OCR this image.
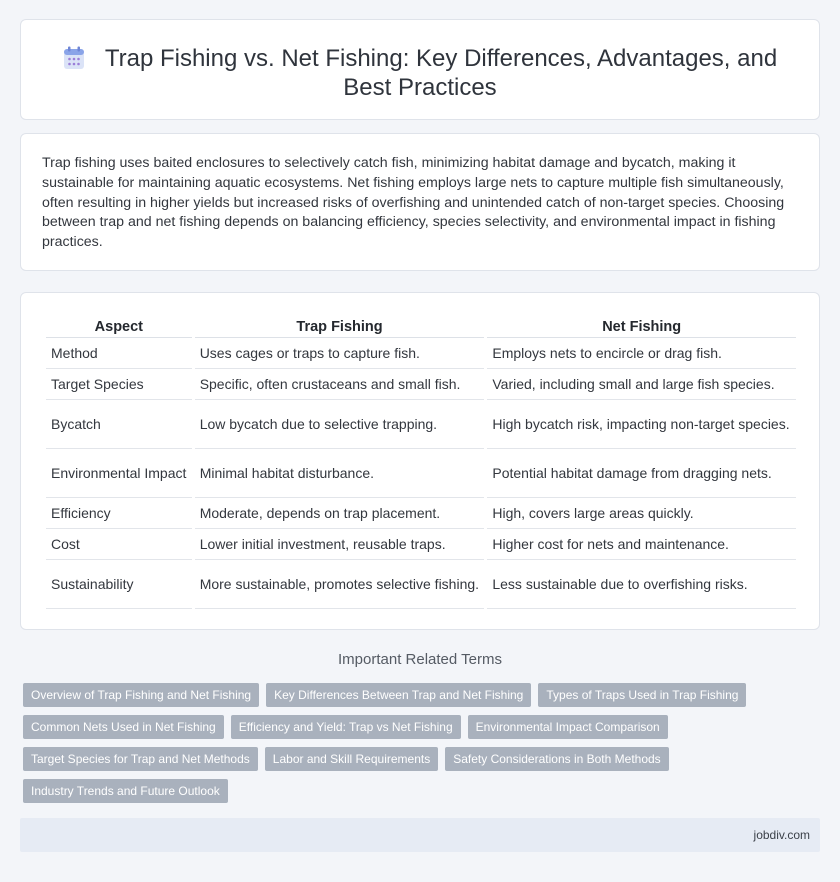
Trap Fishing vs. Net Fishing: Key Differences, Advantages, and Best Practices

Trap fishing uses baited enclosures to selectively catch fish, minimizing habitat damage and bycatch, making it sustainable for maintaining aquatic ecosystems. Net fishing employs large nets to capture multiple fish simultaneously, often resulting in higher yields but increased risks of overfishing and unintended catch of non-target species. Choosing between trap and net fishing depends on balancing efficiency, species selectivity, and environmental impact in fishing practices.

Aspect	Trap Fishing	Net Fishing
Method	Uses cages or traps to capture fish.	Employs nets to encircle or drag fish.
Target Species	Specific, often crustaceans and small fish.	Varied, including small and large fish species.
Bycatch	Low bycatch due to selective trapping.	High bycatch risk, impacting non-target species.
Environmental Impact	Minimal habitat disturbance.	Potential habitat damage from dragging nets.
Efficiency	Moderate, depends on trap placement.	High, covers large areas quickly.
Cost	Lower initial investment, reusable traps.	Higher cost for nets and maintenance.
Sustainability	More sustainable, promotes selective fishing.	Less sustainable due to overfishing risks.
Important Related Terms
Overview of Trap Fishing and Net Fishing	Key Differences Between Trap and Net Fishing	Types of Traps Used in Trap Fishing
Common Nets Used in Net Fishing	Efficiency and Yield: Trap vs Net Fishing	Environmental Impact Comparison
Target Species for Trap and Net Methods	Labor and Skill Requirements	Safety Considerations in Both Methods
Industry Trends and Future Outlook
jobdiv.com
